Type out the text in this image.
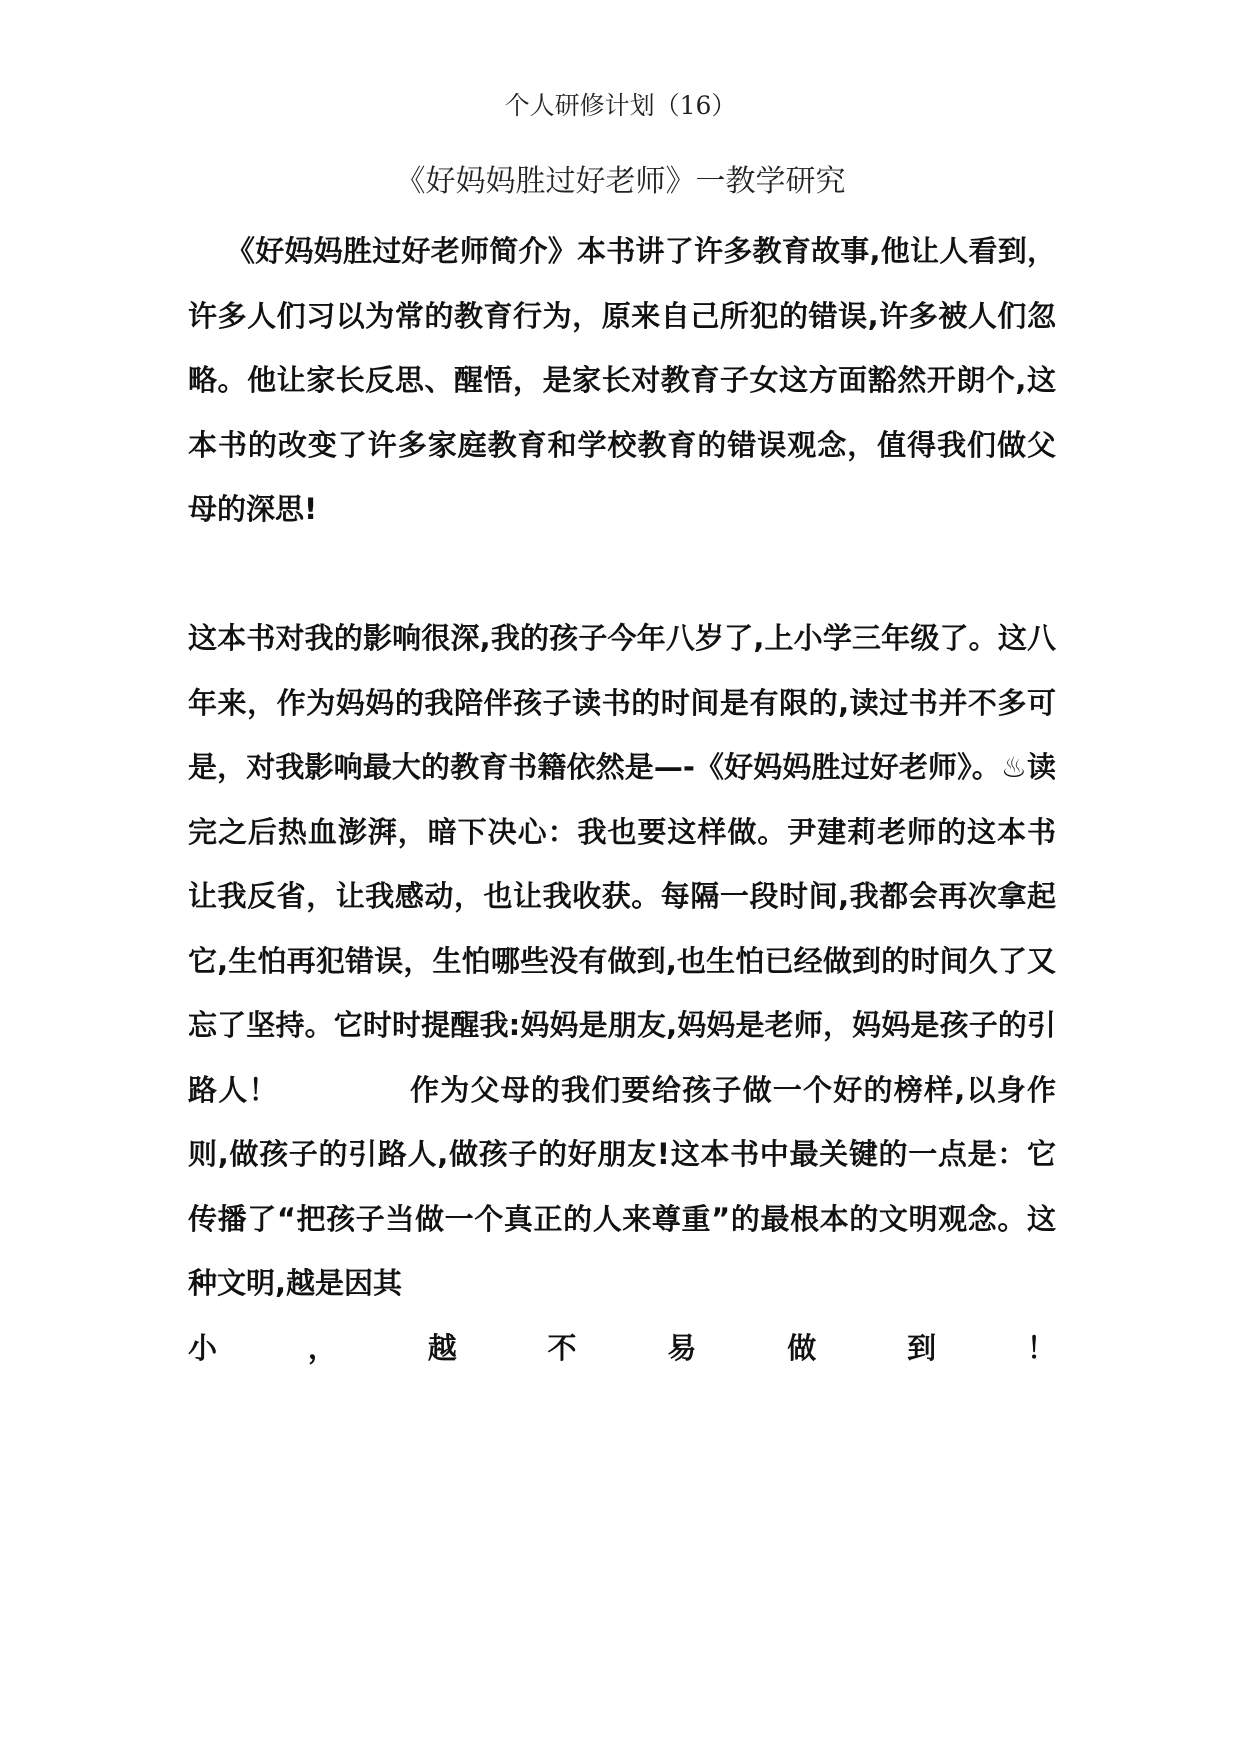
个人研修计划（16）
《好妈妈胜过好老师》一教学研究

《好妈妈胜过好老师简介》本书讲了许多教育故事,他让人看到，许多人们习以为常的教育行为，原来自己所犯的错误,许多被人们忽略。他让家长反思、醒悟，是家长对教育子女这方面豁然开朗个,这本书的改变了许多家庭教育和学校教育的错误观念，值得我们做父母的深思!

这本书对我的影响很深,我的孩子今年八岁了,上小学三年级了。这八年来，作为妈妈的我陪伴孩子读书的时间是有限的,读过书并不多可是，对我影响最大的教育书籍依然是—-《好妈妈胜过好老师》。♨读完之后热血澎湃，暗下决心：我也要这样做。尹建莉老师的这本书让我反省，让我感动，也让我收获。每隔一段时间,我都会再次拿起它,生怕再犯错误，生怕哪些没有做到,也生怕已经做到的时间久了又忘了坚持。它时时提醒我:妈妈是朋友,妈妈是老师，妈妈是孩子的引路人！	作为父母的我们要给孩子做一个好的榜样,以身作则,做孩子的引路人,做孩子的好朋友!这本书中最关键的一点是：它传播了“把孩子当做一个真正的人来尊重”的最根本的文明观念。这种文明,越是因其
小	，	越	不	易	做	到	！
